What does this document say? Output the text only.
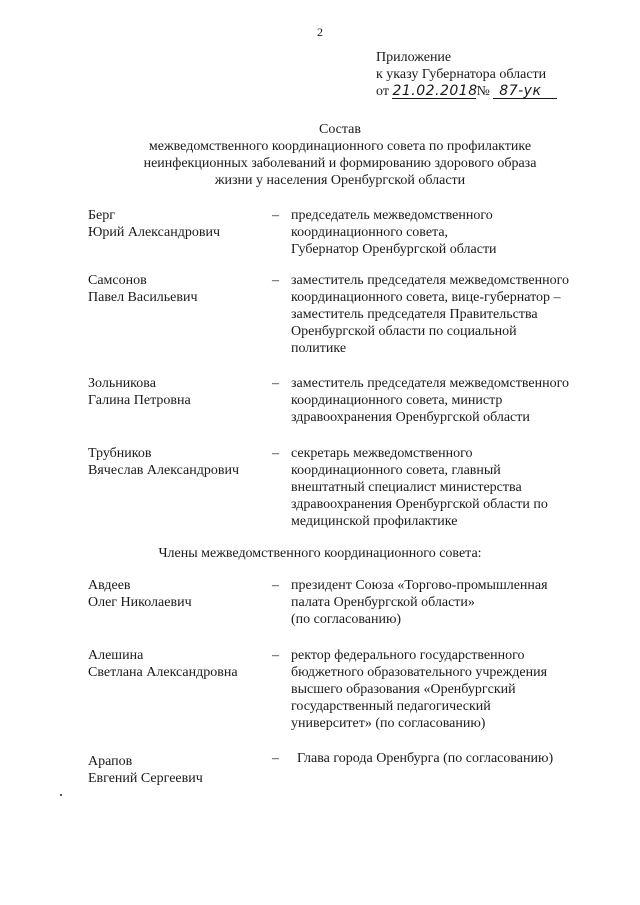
2
Приложение
к указу Губернатора области
от 21.02.2018№ 87-ук
Состав
межведомственного координационного совета по профилактике
неинфекционных заболеваний и формированию здорового образа
жизни у населения Оренбургской области
Берг
Юрий Александрович
– председатель межведомственного
координационного совета,
Губернатор Оренбургской области
Самсонов
Павел Васильевич
– заместитель председателя межведомственного
координационного совета, вице-губернатор –
заместитель председателя Правительства
Оренбургской области по социальной
политике
Зольникова
Галина Петровна
– заместитель председателя межведомственного
координационного совета, министр
здравоохранения Оренбургской области
Трубников
Вячеслав Александрович
– секретарь межведомственного
координационного совета, главный
внештатный специалист министерства
здравоохранения Оренбургской области по
медицинской профилактике
Члены межведомственного координационного совета:
Авдеев
Олег Николаевич
– президент Союза «Торгово-промышленная
палата Оренбургской области»
(по согласованию)
Алешина
Светлана Александровна
– ректор федерального государственного
бюджетного образовательного учреждения
высшего образования «Оренбургский
государственный педагогический
университет» (по согласованию)
Арапов
Евгений Сергеевич
– Глава города Оренбурга (по согласованию)
